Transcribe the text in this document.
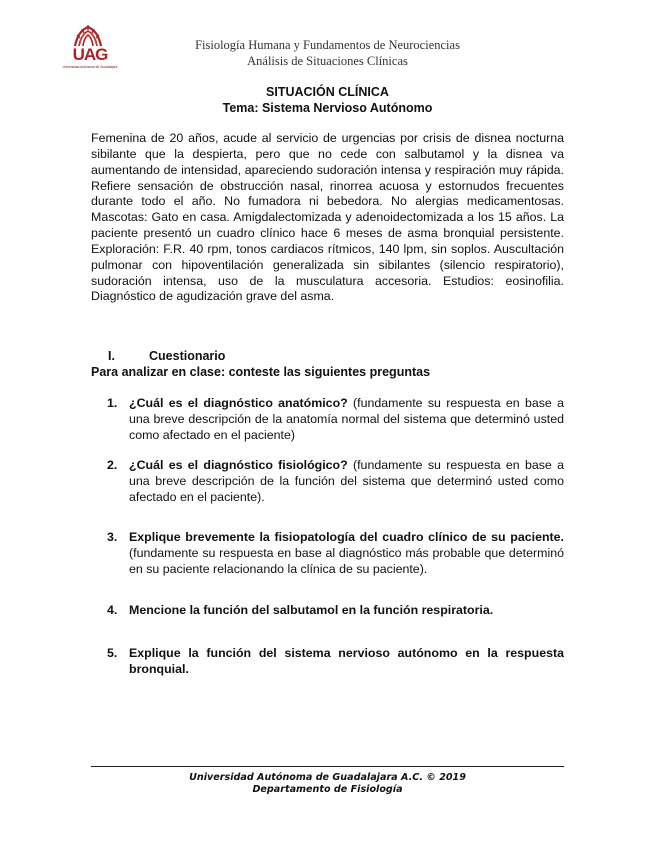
UAG
Universidad Autónoma de Guadalajara
Fisiología Humana y Fundamentos de Neurociencias
Análisis de Situaciones Clínicas
SITUACIÓN CLÍNICA
Tema: Sistema Nervioso Autónomo

Femenina de 20 años, acude al servicio de urgencias por crisis de disnea nocturna sibilante que la despierta, pero que no cede con salbutamol y la disnea va aumentando de intensidad, apareciendo sudoración intensa y respiración muy rápida. Refiere sensación de obstrucción nasal, rinorrea acuosa y estornudos frecuentes durante todo el año. No fumadora ni bebedora. No alergias medicamentosas. Mascotas: Gato en casa. Amigdalectomizada y adenoidectomizada a los 15 años. La paciente presentó un cuadro clínico hace 6 meses de asma bronquial persistente. Exploración: F.R. 40 rpm, tonos cardiacos rítmicos, 140 lpm, sin soplos. Auscultación pulmonar con hipoventilación generalizada sin sibilantes (silencio respiratorio), sudoración intensa, uso de la musculatura accesoria. Estudios: eosinofilia. Diagnóstico de agudización grave del asma.

I.	Cuestionario
Para analizar en clase: conteste las siguientes preguntas
1. ¿Cuál es el diagnóstico anatómico? (fundamente su respuesta en base a una breve descripción de la anatomía normal del sistema que determinó usted como afectado en el paciente)
2. ¿Cuál es el diagnóstico fisiológico? (fundamente su respuesta en base a una breve descripción de la función del sistema que determinó usted como afectado en el paciente).
3. Explique brevemente la fisiopatología del cuadro clínico de su paciente. (fundamente su respuesta en base al diagnóstico más probable que determinó en su paciente relacionando la clínica de su paciente).
4. Mencione la función del salbutamol en la función respiratoria.
5. Explique la función del sistema nervioso autónomo en la respuesta bronquial.
Universidad Autónoma de Guadalajara A.C. © 2019
Departamento de Fisiología
